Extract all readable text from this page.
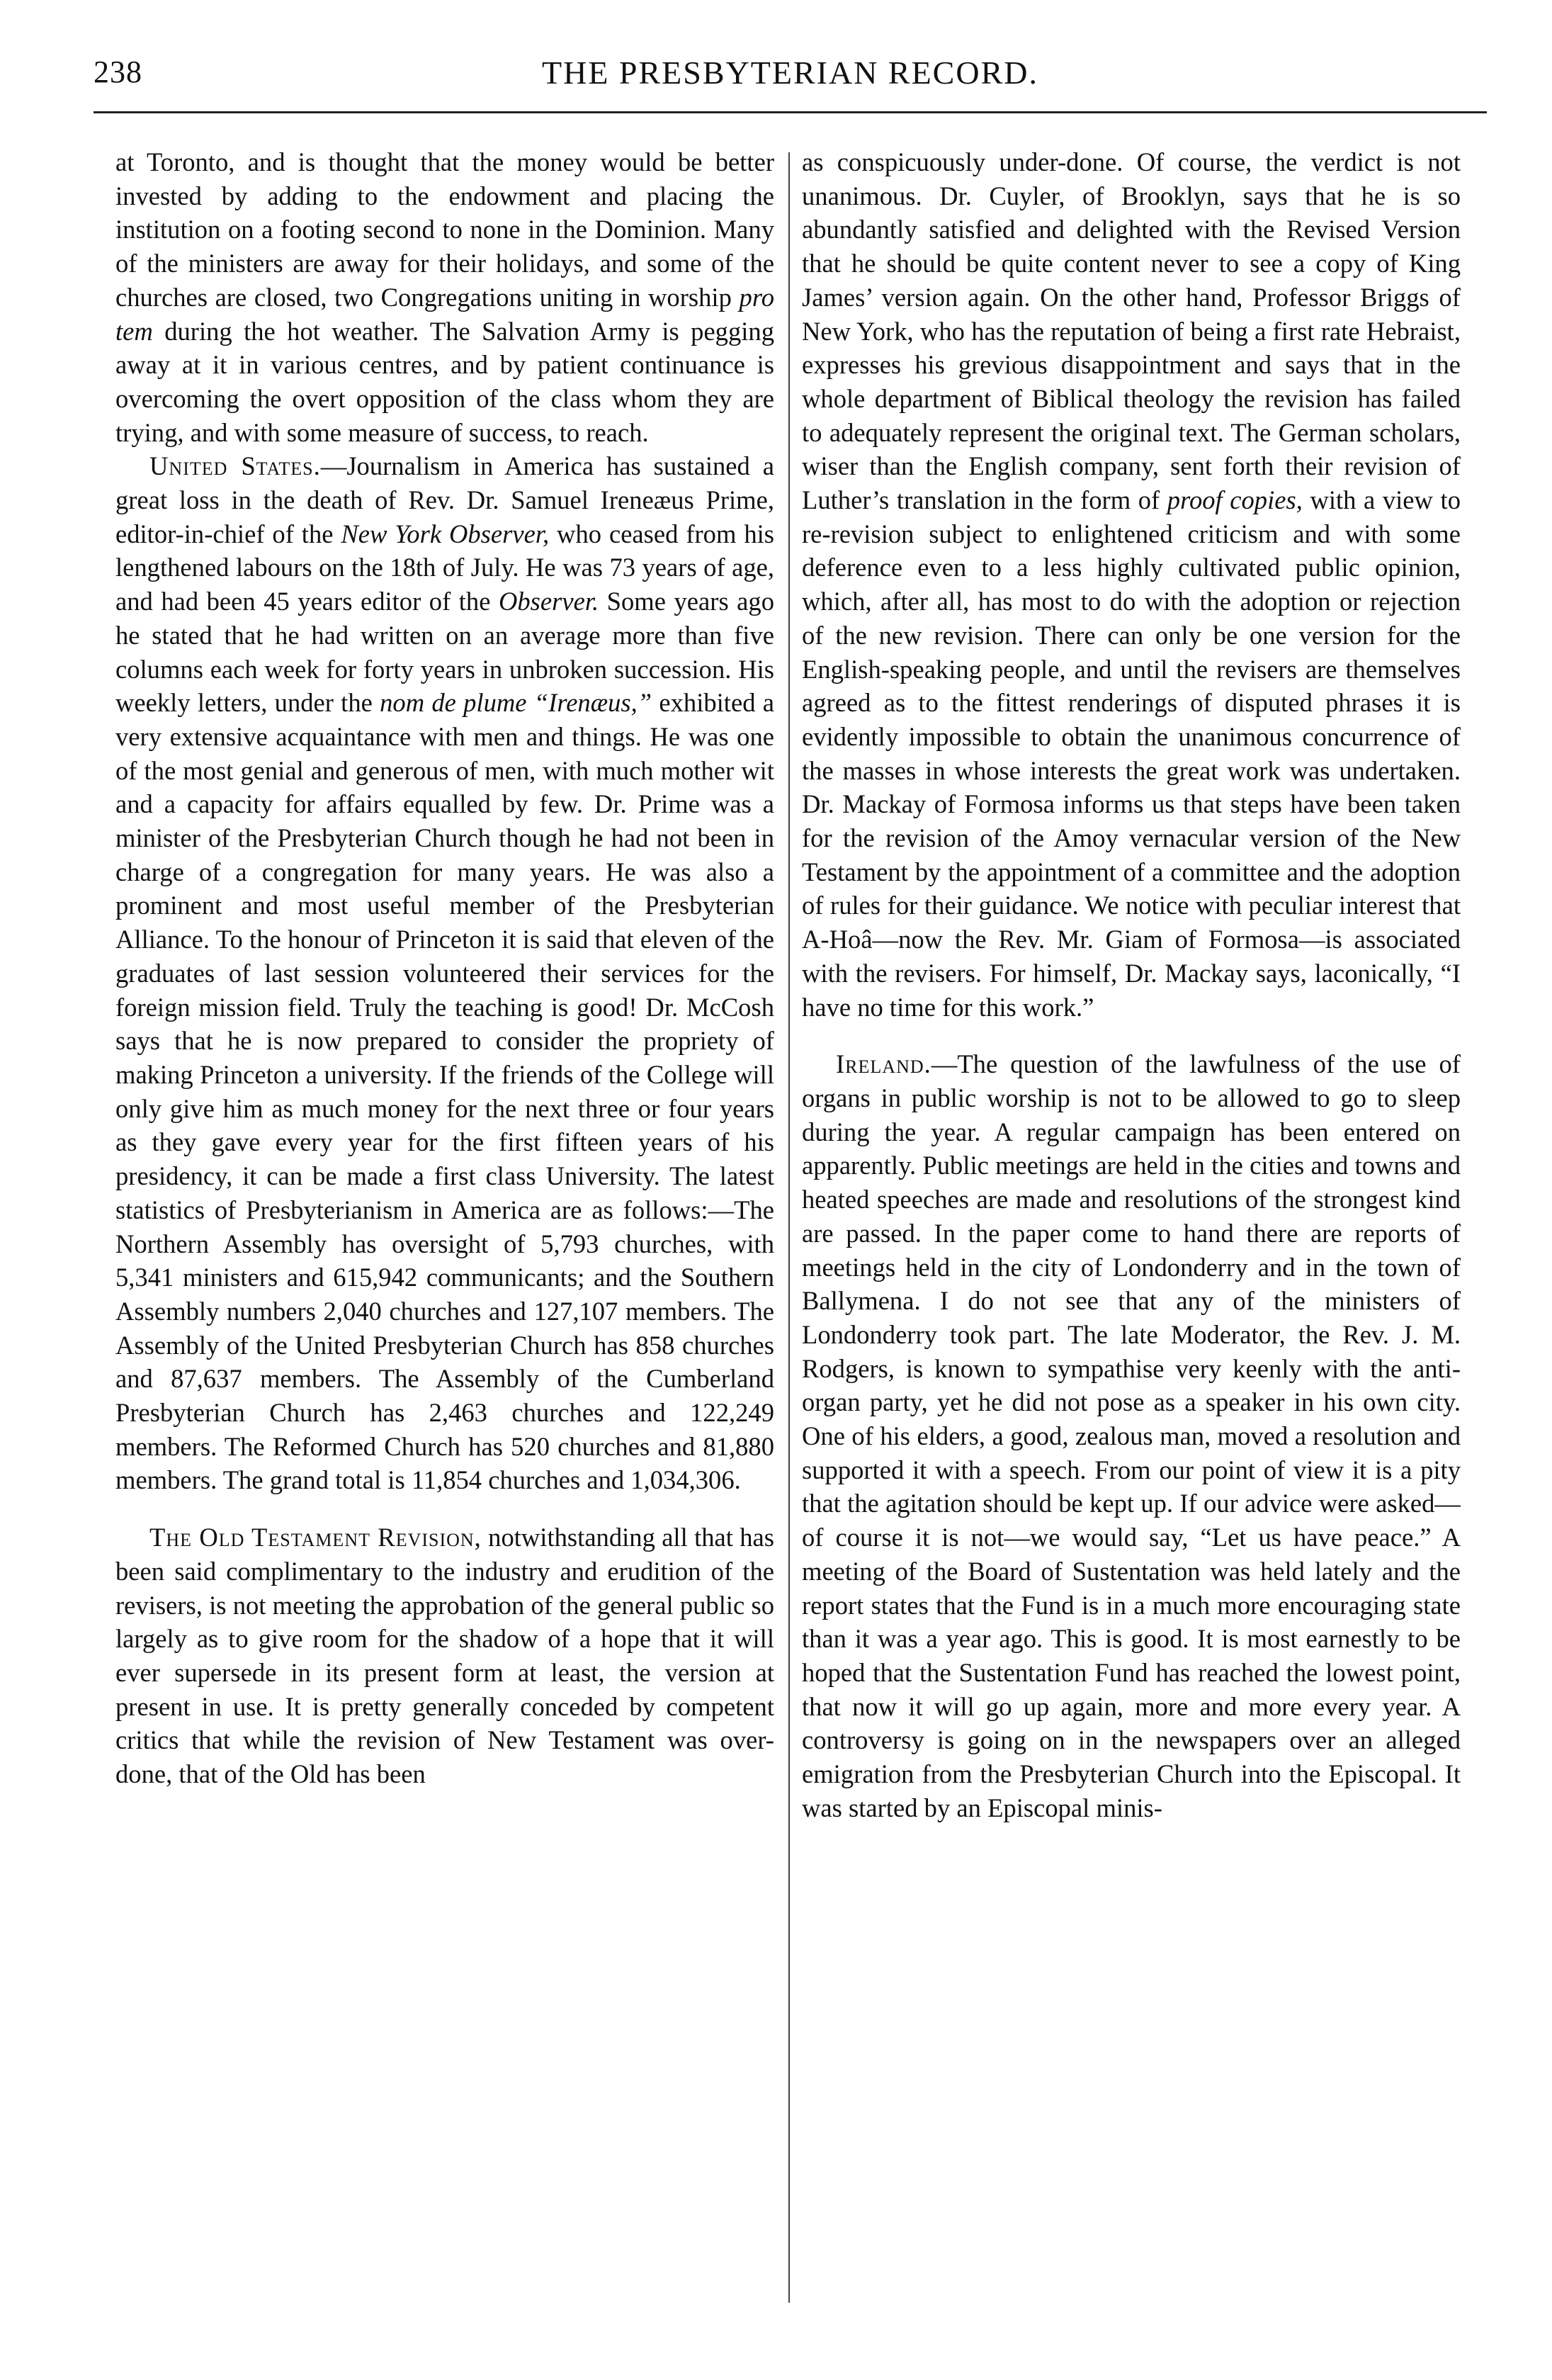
238	THE PRESBYTERIAN RECORD.

at Toronto, and is thought that the money would be better invested by adding to the endowment and placing the institution on a footing second to none in the Dominion. Many of the ministers are away for their holidays, and some of the churches are closed, two Congregations uniting in worship pro tem during the hot weather. The Salvation Army is pegging away at it in various centres, and by patient continuance is overcoming the overt opposition of the class whom they are trying, and with some measure of success, to reach.

United States.—Journalism in America has sustained a great loss in the death of Rev. Dr. Samuel Ireneæus Prime, editor-in-chief of the New York Observer, who ceased from his lengthened labours on the 18th of July. He was 73 years of age, and had been 45 years editor of the Observer. Some years ago he stated that he had written on an average more than five columns each week for forty years in unbroken succession. His weekly letters, under the nom de plume “Irenæus,” exhibited a very extensive acquaintance with men and things. He was one of the most genial and generous of men, with much mother wit and a capacity for affairs equalled by few. Dr. Prime was a minister of the Presbyterian Church though he had not been in charge of a congregation for many years. He was also a prominent and most useful member of the Presbyterian Alliance. To the honour of Princeton it is said that eleven of the graduates of last session volunteered their services for the foreign mission field. Truly the teaching is good! Dr. McCosh says that he is now prepared to consider the propriety of making Princeton a university. If the friends of the College will only give him as much money for the next three or four years as they gave every year for the first fifteen years of his presidency, it can be made a first class University. The latest statistics of Presbyterianism in America are as follows:—The Northern Assembly has oversight of 5,793 churches, with 5,341 ministers and 615,942 communicants; and the Southern Assembly numbers 2,040 churches and 127,107 members. The Assembly of the United Presbyterian Church has 858 churches and 87,637 members. The Assembly of the Cumberland Presbyterian Church has 2,463 churches and 122,249 members. The Reformed Church has 520 churches and 81,880 members. The grand total is 11,854 churches and 1,034,306.

The Old Testament Revision, notwithstanding all that has been said complimentary to the industry and erudition of the revisers, is not meeting the approbation of the general public so largely as to give room for the shadow of a hope that it will ever supersede in its present form at least, the version at present in use. It is pretty generally conceded by competent critics that while the revision of New Testament was over-done, that of the Old has been

as conspicuously under-done. Of course, the verdict is not unanimous. Dr. Cuyler, of Brooklyn, says that he is so abundantly satisfied and delighted with the Revised Version that he should be quite content never to see a copy of King James’ version again. On the other hand, Professor Briggs of New York, who has the reputation of being a first rate Hebraist, expresses his grevious disappointment and says that in the whole department of Biblical theology the revision has failed to adequately represent the original text. The German scholars, wiser than the English company, sent forth their revision of Luther’s translation in the form of proof copies, with a view to re-revision subject to enlightened criticism and with some deference even to a less highly cultivated public opinion, which, after all, has most to do with the adoption or rejection of the new revision. There can only be one version for the English-speaking people, and until the revisers are themselves agreed as to the fittest renderings of disputed phrases it is evidently impossible to obtain the unanimous concurrence of the masses in whose interests the great work was undertaken. Dr. Mackay of Formosa informs us that steps have been taken for the revision of the Amoy vernacular version of the New Testament by the appointment of a committee and the adoption of rules for their guidance. We notice with peculiar interest that A-Hoâ—now the Rev. Mr. Giam of Formosa—is associated with the revisers. For himself, Dr. Mackay says, laconically, “I have no time for this work.”

Ireland.—The question of the lawfulness of the use of organs in public worship is not to be allowed to go to sleep during the year. A regular campaign has been entered on apparently. Public meetings are held in the cities and towns and heated speeches are made and resolutions of the strongest kind are passed. In the paper come to hand there are reports of meetings held in the city of Londonderry and in the town of Ballymena. I do not see that any of the ministers of Londonderry took part. The late Moderator, the Rev. J. M. Rodgers, is known to sympathise very keenly with the anti-organ party, yet he did not pose as a speaker in his own city. One of his elders, a good, zealous man, moved a resolution and supported it with a speech. From our point of view it is a pity that the agitation should be kept up. If our advice were asked—of course it is not—we would say, “Let us have peace.” A meeting of the Board of Sustentation was held lately and the report states that the Fund is in a much more encouraging state than it was a year ago. This is good. It is most earnestly to be hoped that the Sustentation Fund has reached the lowest point, that now it will go up again, more and more every year. A controversy is going on in the newspapers over an alleged emigration from the Presbyterian Church into the Episcopal. It was started by an Episcopal minis-
